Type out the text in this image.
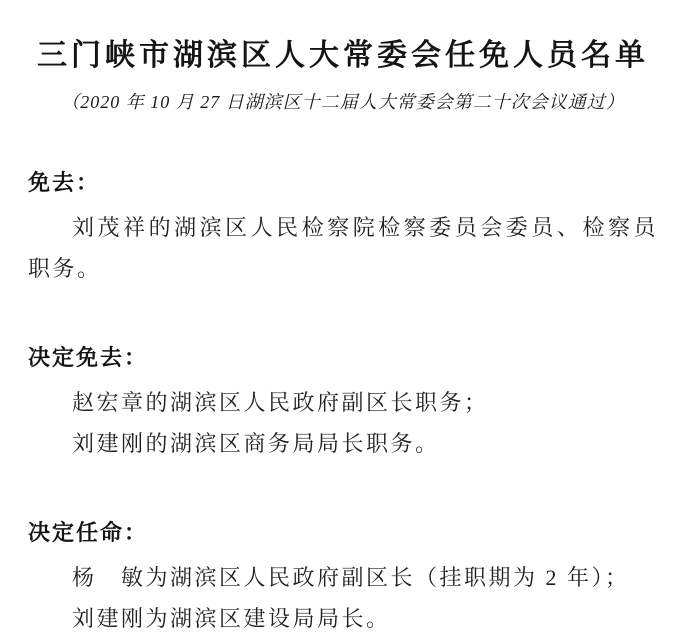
三门峡市湖滨区人大常委会任免人员名单

（2020 年 10 月 27 日湖滨区十二届人大常委会第二十次会议通过）

免去：

刘茂祥的湖滨区人民检察院检察委员会委员、检察员职务。

决定免去：

赵宏章的湖滨区人民政府副区长职务；

刘建刚的湖滨区商务局局长职务。

决定任命：

杨　敏为湖滨区人民政府副区长（挂职期为 2 年）；

刘建刚为湖滨区建设局局长。
